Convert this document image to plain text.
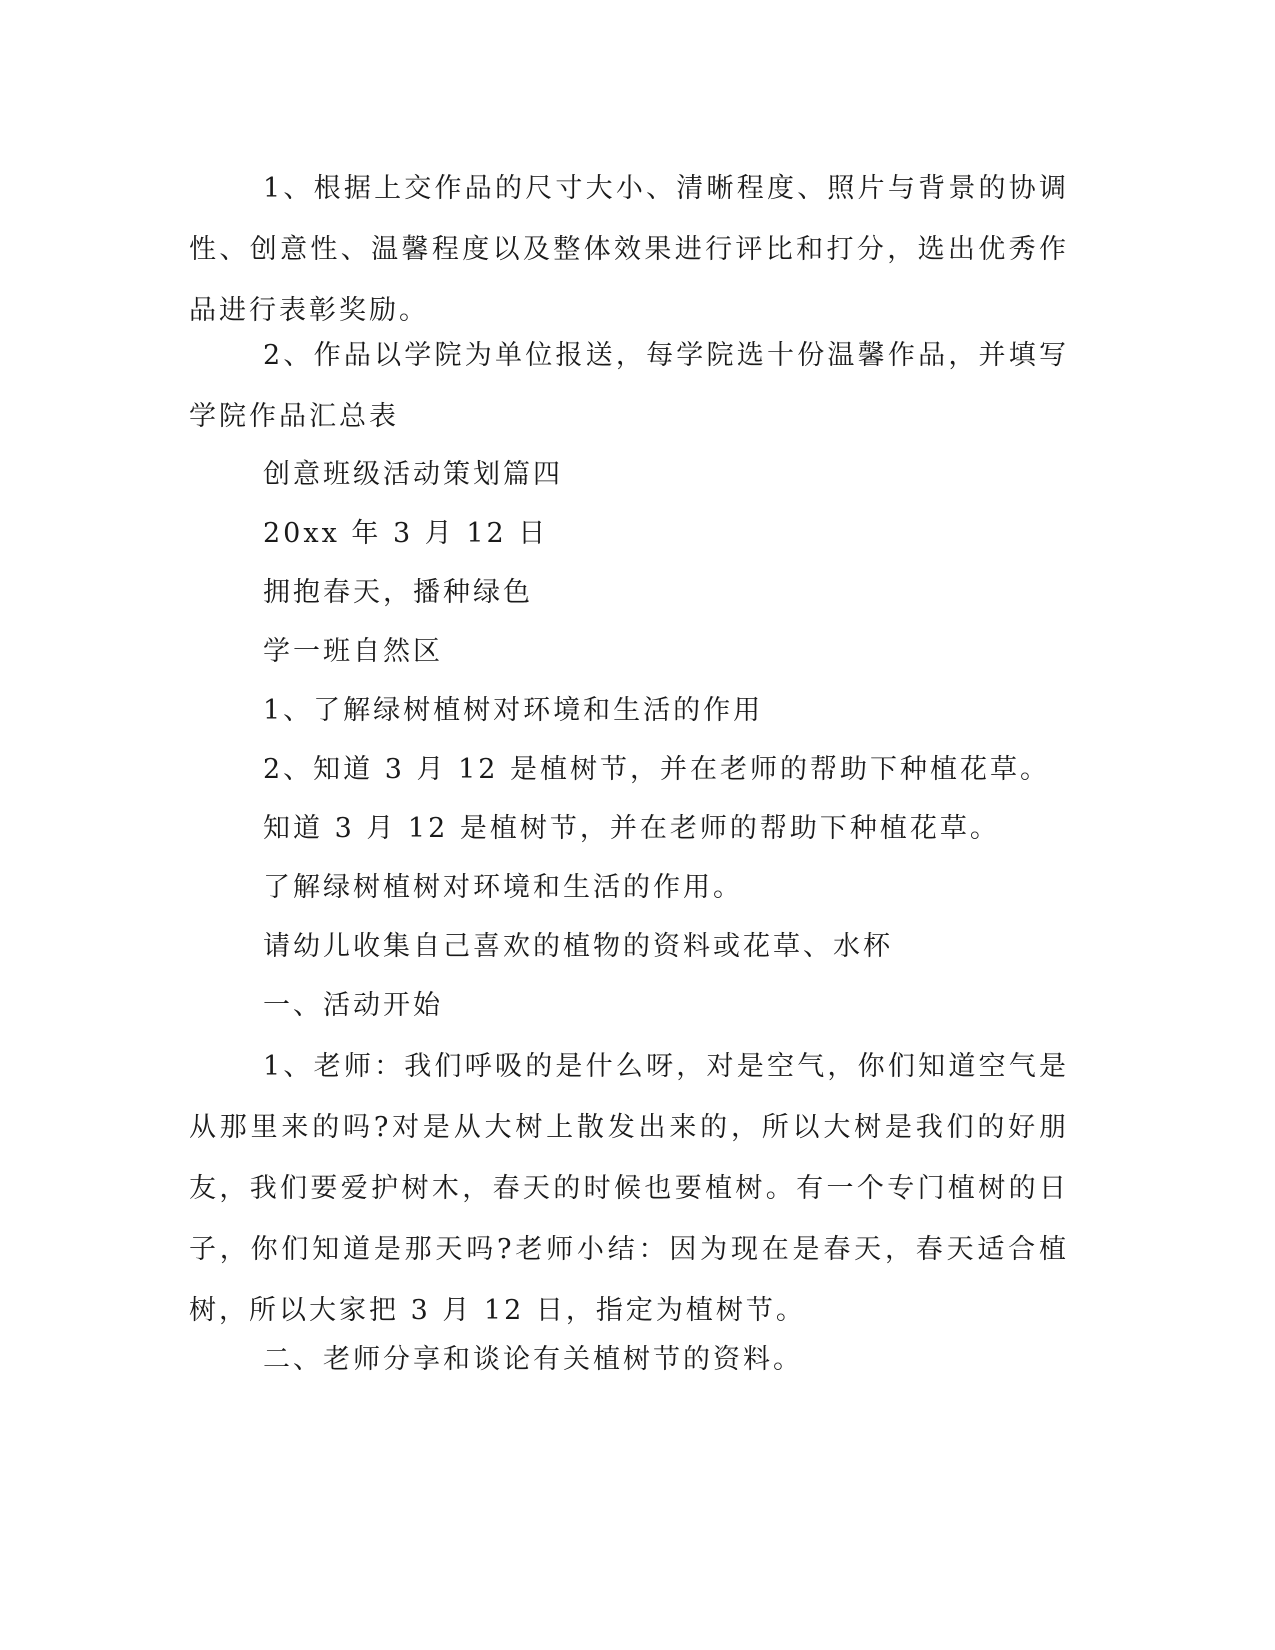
1、根据上交作品的尺寸大小、清晰程度、照片与背景的协调性、创意性、温馨程度以及整体效果进行评比和打分，选出优秀作品进行表彰奖励。

2、作品以学院为单位报送，每学院选十份温馨作品，并填写学院作品汇总表

创意班级活动策划篇四

20xx 年 3 月 12 日

拥抱春天，播种绿色

学一班自然区

1、了解绿树植树对环境和生活的作用

2、知道 3 月 12 是植树节，并在老师的帮助下种植花草。

知道 3 月 12 是植树节，并在老师的帮助下种植花草。

了解绿树植树对环境和生活的作用。

请幼儿收集自己喜欢的植物的资料或花草、水杯

一、活动开始

1、老师：我们呼吸的是什么呀，对是空气，你们知道空气是从那里来的吗?对是从大树上散发出来的，所以大树是我们的好朋友，我们要爱护树木，春天的时候也要植树。有一个专门植树的日子，你们知道是那天吗?老师小结：因为现在是春天，春天适合植树，所以大家把 3 月 12 日，指定为植树节。

二、老师分享和谈论有关植树节的资料。
